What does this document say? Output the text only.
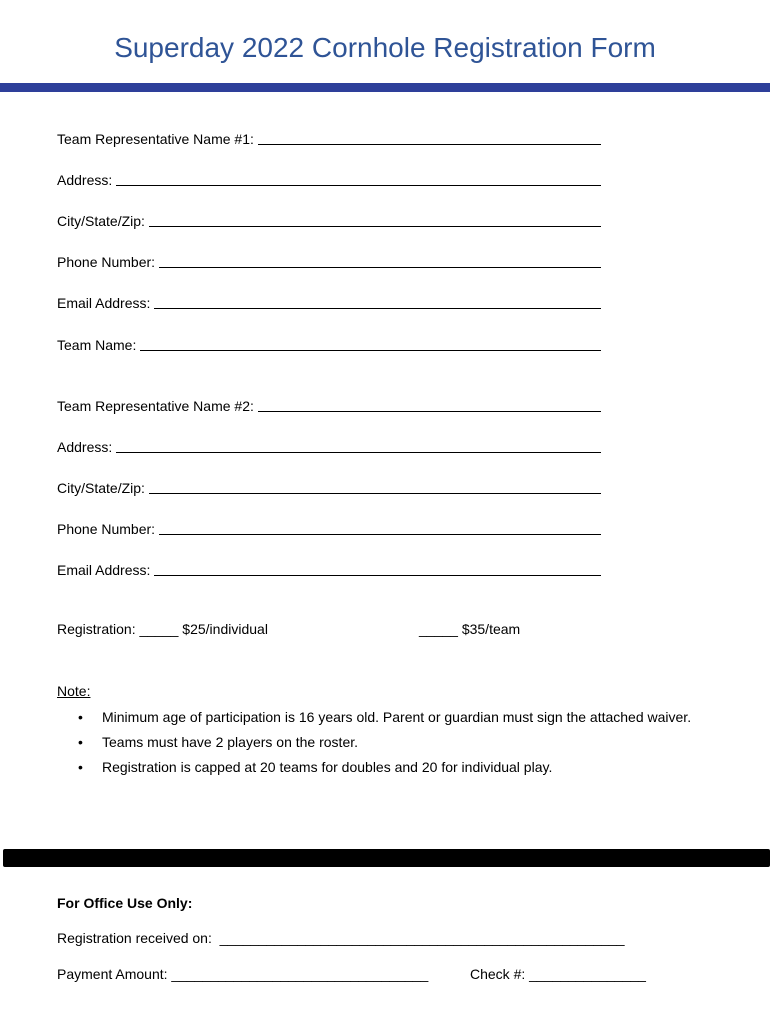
Superday 2022 Cornhole Registration Form
Team Representative Name #1:
Address:
City/State/Zip:
Phone Number:
Email Address:
Team Name:
Team Representative Name #2:
Address:
City/State/Zip:
Phone Number:
Email Address:
Registration: _____ $25/individual	_____ $35/team
Note:
• Minimum age of participation is 16 years old. Parent or guardian must sign the attached waiver.
• Teams must have 2 players on the roster.
• Registration is capped at 20 teams for doubles and 20 for individual play.
For Office Use Only:
Registration received on:  ____________________________________________________
Payment Amount: _________________________________	Check #: _______________
